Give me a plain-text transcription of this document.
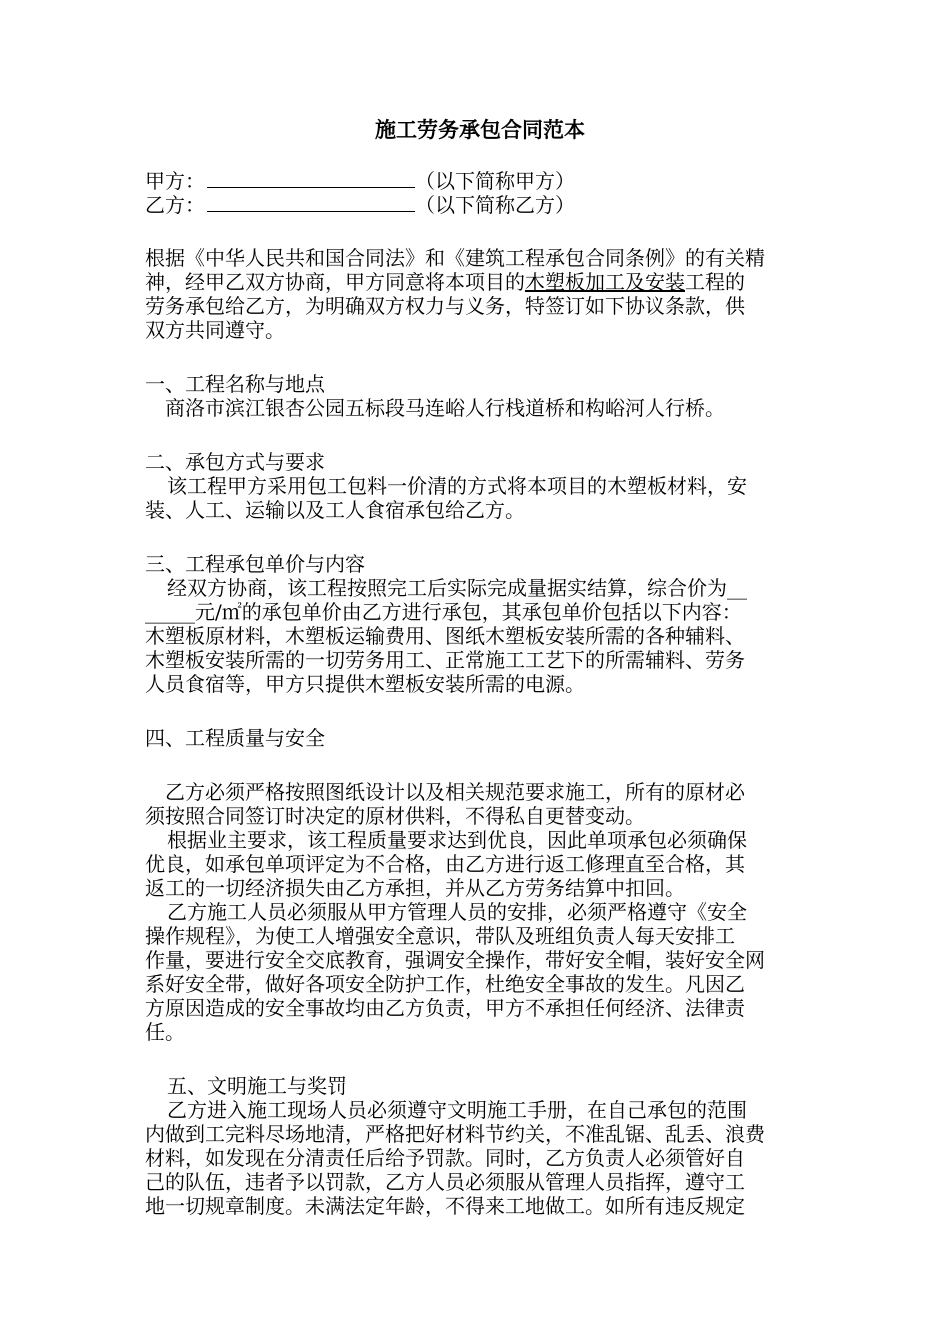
施工劳务承包合同范本
甲方：	（以下简称甲方）
乙方：	（以下简称乙方）
根据《中华人民共和国合同法》和《建筑工程承包合同条例》的有关精
神，经甲乙双方协商，甲方同意将本项目的木塑板加工及安装工程的
劳务承包给乙方，为明确双方权力与义务，特签订如下协议条款，供
双方共同遵守。
一、工程名称与地点
商洛市滨江银杏公园五标段马连峪人行栈道桥和构峪河人行桥。
二、承包方式与要求
该工程甲方采用包工包料一价清的方式将本项目的木塑板材料，安
装、人工、运输以及工人食宿承包给乙方。
三、工程承包单价与内容
经双方协商，该工程按照完工后实际完成量据实结算，综合价为__
_____元/㎡的承包单价由乙方进行承包，其承包单价包括以下内容：
木塑板原材料，木塑板运输费用、图纸木塑板安装所需的各种辅料、
木塑板安装所需的一切劳务用工、正常施工工艺下的所需辅料、劳务
人员食宿等，甲方只提供木塑板安装所需的电源。
四、工程质量与安全
乙方必须严格按照图纸设计以及相关规范要求施工，所有的原材必
须按照合同签订时决定的原材供料，不得私自更替变动。
根据业主要求，该工程质量要求达到优良，因此单项承包必须确保
优良，如承包单项评定为不合格，由乙方进行返工修理直至合格，其
返工的一切经济损失由乙方承担，并从乙方劳务结算中扣回。
乙方施工人员必须服从甲方管理人员的安排，必须严格遵守《安全
操作规程》，为使工人增强安全意识，带队及班组负责人每天安排工
作量，要进行安全交底教育，强调安全操作，带好安全帽，装好安全网
系好安全带，做好各项安全防护工作，杜绝安全事故的发生。凡因乙
方原因造成的安全事故均由乙方负责，甲方不承担任何经济、法律责
任。
五、文明施工与奖罚
乙方进入施工现场人员必须遵守文明施工手册，在自己承包的范围
内做到工完料尽场地清，严格把好材料节约关，不准乱锯、乱丢、浪费
材料，如发现在分清责任后给予罚款。同时，乙方负责人必须管好自
己的队伍，违者予以罚款，乙方人员必须服从管理人员指挥，遵守工
地一切规章制度。未满法定年龄，不得来工地做工。如所有违反规定
